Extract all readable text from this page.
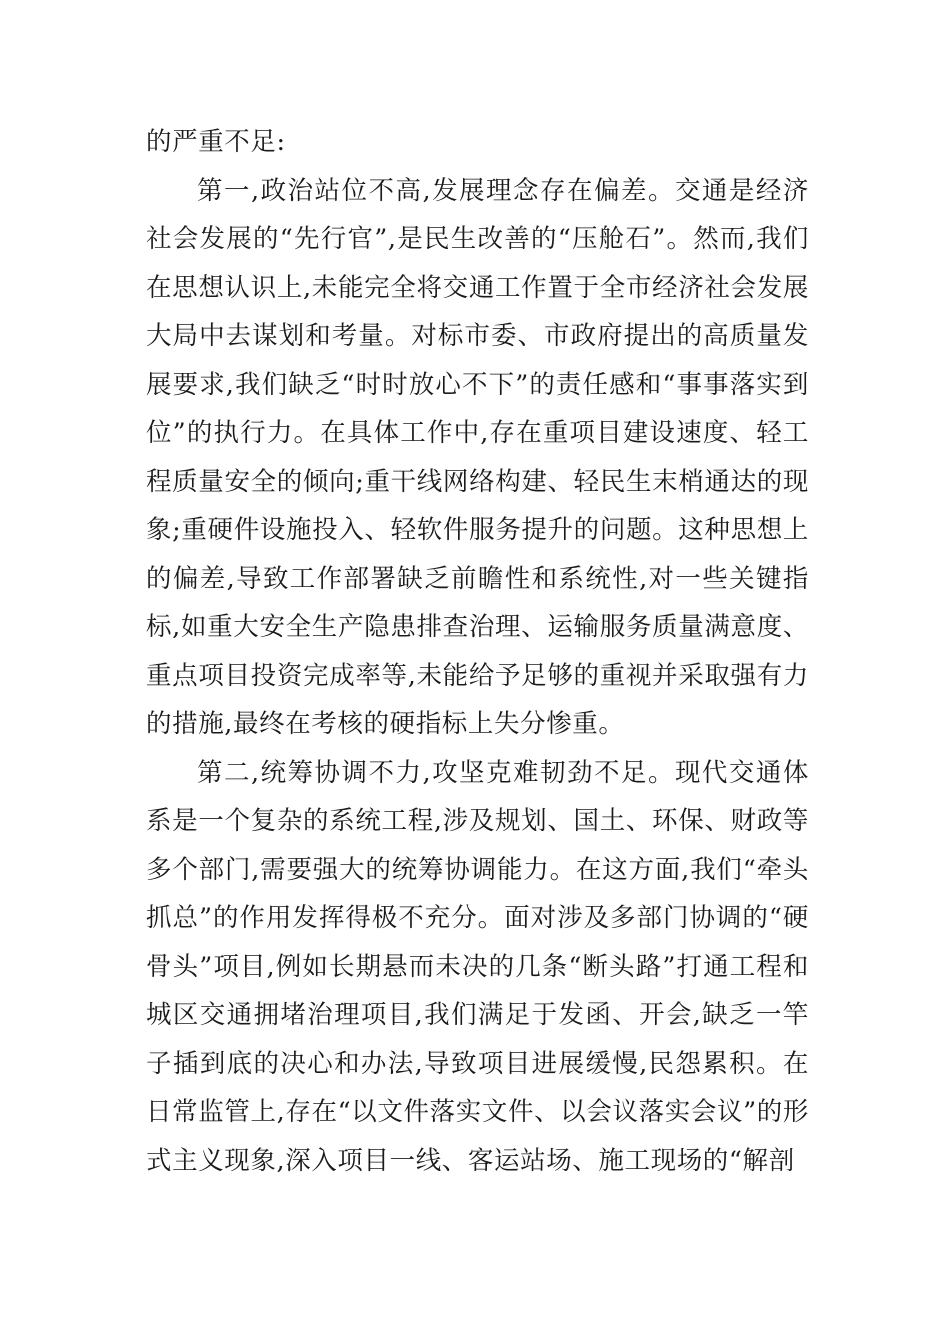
的严重不足:

第一,政治站位不高,发展理念存在偏差。交通是经济社会发展的“先行官”,是民生改善的“压舱石”。然而,我们在思想认识上,未能完全将交通工作置于全市经济社会发展大局中去谋划和考量。对标市委、市政府提出的高质量发展要求,我们缺乏“时时放心不下”的责任感和“事事落实到位”的执行力。在具体工作中,存在重项目建设速度、轻工程质量安全的倾向;重干线网络构建、轻民生末梢通达的现象;重硬件设施投入、轻软件服务提升的问题。这种思想上的偏差,导致工作部署缺乏前瞻性和系统性,对一些关键指标,如重大安全生产隐患排查治理、运输服务质量满意度、重点项目投资完成率等,未能给予足够的重视并采取强有力的措施,最终在考核的硬指标上失分惨重。

第二,统筹协调不力,攻坚克难韧劲不足。现代交通体系是一个复杂的系统工程,涉及规划、国土、环保、财政等多个部门,需要强大的统筹协调能力。在这方面,我们“牵头抓总”的作用发挥得极不充分。面对涉及多部门协调的“硬骨头”项目,例如长期悬而未决的几条“断头路”打通工程和城区交通拥堵治理项目,我们满足于发函、开会,缺乏一竿子插到底的决心和办法,导致项目进展缓慢,民怨累积。在日常监管上,存在“以文件落实文件、以会议落实会议”的形式主义现象,深入项目一线、客运站场、施工现场的“解剖
